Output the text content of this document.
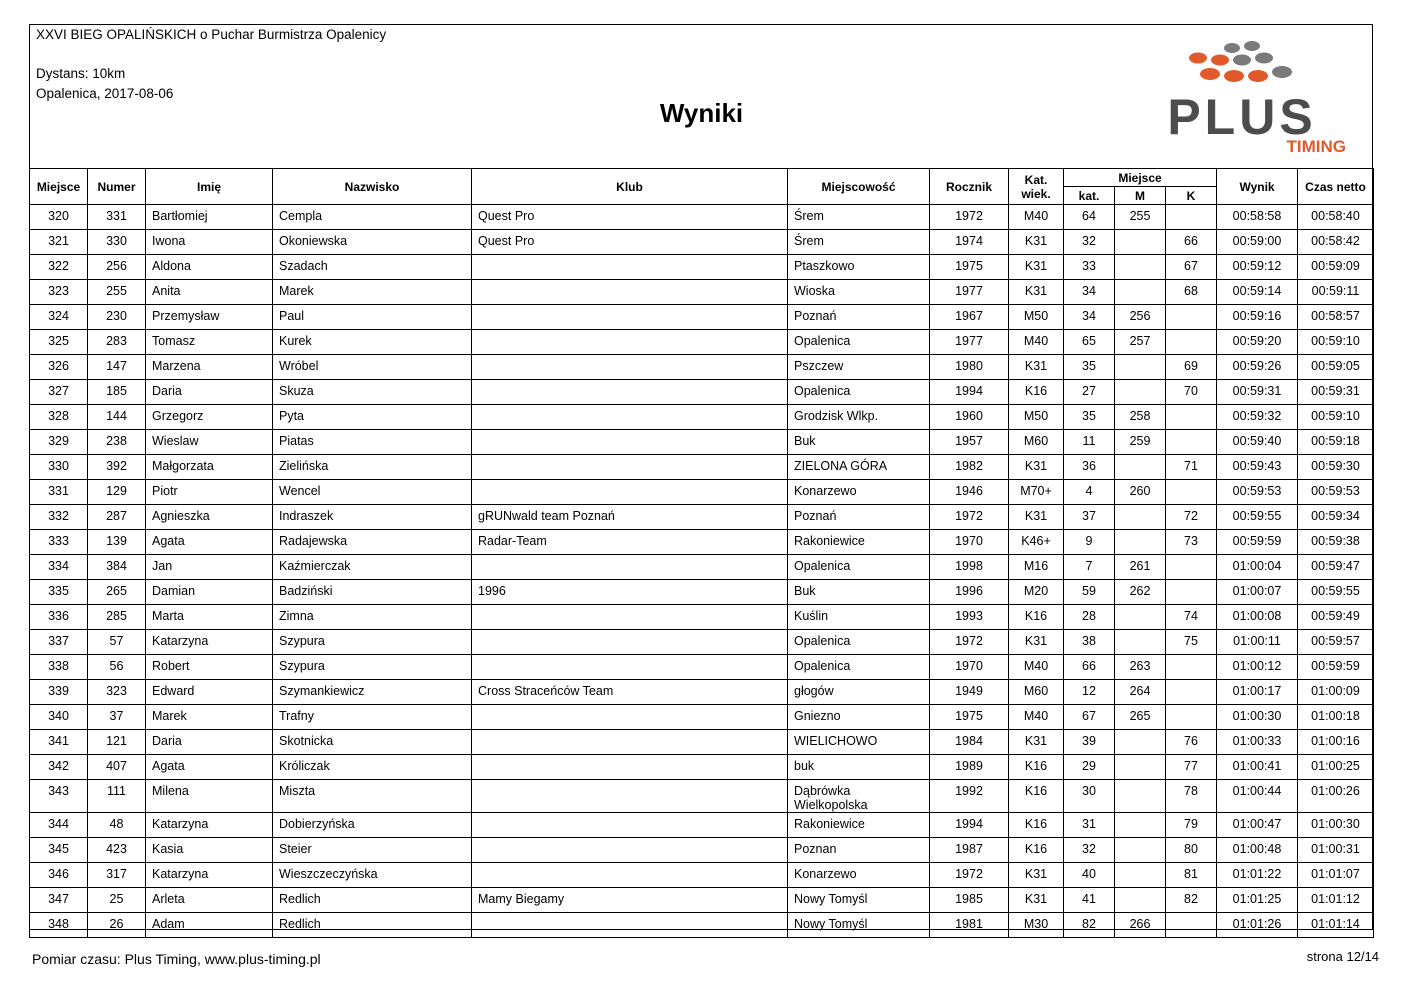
XXVI BIEG OPALIŃSKICH o Puchar Burmistrza Opalenicy
Dystans: 10km
Opalenica, 2017-08-06
Wyniki	PLUS
TIMING
Miejsce	Numer	Imię	Nazwisko	Klub	Miejscowość	Rocznik	Kat.
wiek.	Miejsce			Wynik	Czas netto
								kat.	M	K		
320	331	Bartłomiej	Cempla	Quest Pro	Śrem	1972	M40	64	255		00:58:58	00:58:40
321	330	Iwona	Okoniewska	Quest Pro	Śrem	1974	K31	32		66	00:59:00	00:58:42
322	256	Aldona	Szadach		Ptaszkowo	1975	K31	33		67	00:59:12	00:59:09
323	255	Anita	Marek		Wioska	1977	K31	34		68	00:59:14	00:59:11
324	230	Przemysław	Paul		Poznań	1967	M50	34	256		00:59:16	00:58:57
325	283	Tomasz	Kurek		Opalenica	1977	M40	65	257		00:59:20	00:59:10
326	147	Marzena	Wróbel		Pszczew	1980	K31	35		69	00:59:26	00:59:05
327	185	Daria	Skuza		Opalenica	1994	K16	27		70	00:59:31	00:59:31
328	144	Grzegorz	Pyta		Grodzisk Wlkp.	1960	M50	35	258		00:59:32	00:59:10
329	238	Wieslaw	Piatas		Buk	1957	M60	11	259		00:59:40	00:59:18
330	392	Małgorzata	Zielińska		ZIELONA GÓRA	1982	K31	36		71	00:59:43	00:59:30
331	129	Piotr	Wencel		Konarzewo	1946	M70+	4	260		00:59:53	00:59:53
332	287	Agnieszka	Indraszek	gRUNwald team Poznań	Poznań	1972	K31	37		72	00:59:55	00:59:34
333	139	Agata	Radajewska	Radar-Team	Rakoniewice	1970	K46+	9		73	00:59:59	00:59:38
334	384	Jan	Kaźmierczak		Opalenica	1998	M16	7	261		01:00:04	00:59:47
335	265	Damian	Badziński	1996	Buk	1996	M20	59	262		01:00:07	00:59:55
336	285	Marta	Zimna		Kuślin	1993	K16	28		74	01:00:08	00:59:49
337	57	Katarzyna	Szypura		Opalenica	1972	K31	38		75	01:00:11	00:59:57
338	56	Robert	Szypura		Opalenica	1970	M40	66	263		01:00:12	00:59:59
339	323	Edward	Szymankiewicz	Cross Straceńców Team	głogów	1949	M60	12	264		01:00:17	01:00:09
340	37	Marek	Trafny		Gniezno	1975	M40	67	265		01:00:30	01:00:18
341	121	Daria	Skotnicka		WIELICHOWO	1984	K31	39		76	01:00:33	01:00:16
342	407	Agata	Króliczak		buk	1989	K16	29		77	01:00:41	01:00:25
343	111	Milena	Miszta		Dąbrówka Wielkopolska	1992	K16	30		78	01:00:44	01:00:26
344	48	Katarzyna	Dobierzyńska		Rakoniewice	1994	K16	31		79	01:00:47	01:00:30
345	423	Kasia	Steier		Poznan	1987	K16	32		80	01:00:48	01:00:31
346	317	Katarzyna	Wieszczeczyńska		Konarzewo	1972	K31	40		81	01:01:22	01:01:07
347	25	Arleta	Redlich	Mamy Biegamy	Nowy Tomyśl	1985	K31	41		82	01:01:25	01:01:12
348	26	Adam	Redlich		Nowy Tomyśl	1981	M30	82	266		01:01:26	01:01:14
Pomiar czasu: Plus Timing, www.plus-timing.pl	strona 12/14
